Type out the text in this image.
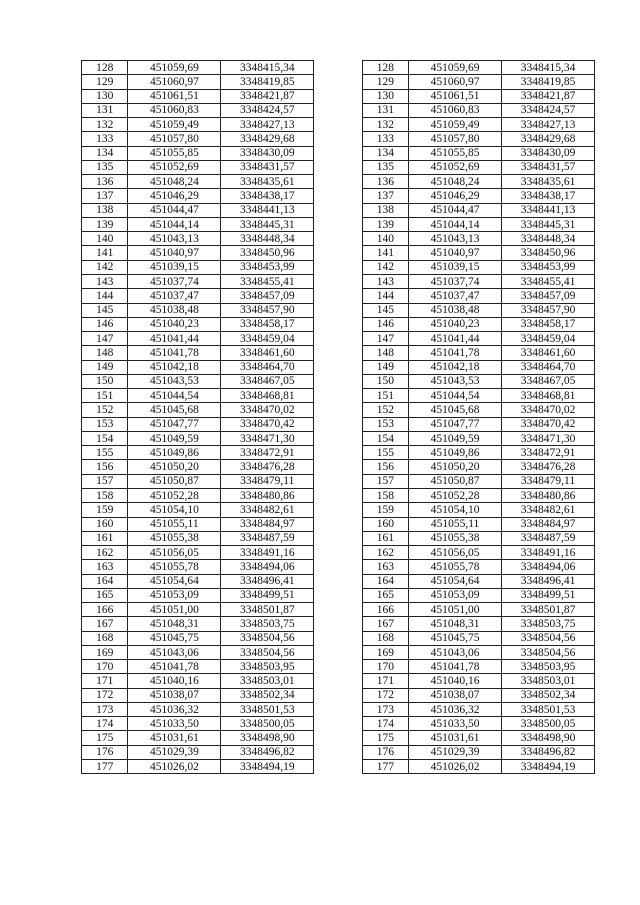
128	451059,69	3348415,34		128	451059,69	3348415,34
129	451060,97	3348419,85		129	451060,97	3348419,85
130	451061,51	3348421,87		130	451061,51	3348421,87
131	451060,83	3348424,57		131	451060,83	3348424,57
132	451059,49	3348427,13		132	451059,49	3348427,13
133	451057,80	3348429,68		133	451057,80	3348429,68
134	451055,85	3348430,09		134	451055,85	3348430,09
135	451052,69	3348431,57		135	451052,69	3348431,57
136	451048,24	3348435,61		136	451048,24	3348435,61
137	451046,29	3348438,17		137	451046,29	3348438,17
138	451044,47	3348441,13		138	451044,47	3348441,13
139	451044,14	3348445,31		139	451044,14	3348445,31
140	451043,13	3348448,34		140	451043,13	3348448,34
141	451040,97	3348450,96		141	451040,97	3348450,96
142	451039,15	3348453,99		142	451039,15	3348453,99
143	451037,74	3348455,41		143	451037,74	3348455,41
144	451037,47	3348457,09		144	451037,47	3348457,09
145	451038,48	3348457,90		145	451038,48	3348457,90
146	451040,23	3348458,17		146	451040,23	3348458,17
147	451041,44	3348459,04		147	451041,44	3348459,04
148	451041,78	3348461,60		148	451041,78	3348461,60
149	451042,18	3348464,70		149	451042,18	3348464,70
150	451043,53	3348467,05		150	451043,53	3348467,05
151	451044,54	3348468,81		151	451044,54	3348468,81
152	451045,68	3348470,02		152	451045,68	3348470,02
153	451047,77	3348470,42		153	451047,77	3348470,42
154	451049,59	3348471,30		154	451049,59	3348471,30
155	451049,86	3348472,91		155	451049,86	3348472,91
156	451050,20	3348476,28		156	451050,20	3348476,28
157	451050,87	3348479,11		157	451050,87	3348479,11
158	451052,28	3348480,86		158	451052,28	3348480,86
159	451054,10	3348482,61		159	451054,10	3348482,61
160	451055,11	3348484,97		160	451055,11	3348484,97
161	451055,38	3348487,59		161	451055,38	3348487,59
162	451056,05	3348491,16		162	451056,05	3348491,16
163	451055,78	3348494,06		163	451055,78	3348494,06
164	451054,64	3348496,41		164	451054,64	3348496,41
165	451053,09	3348499,51		165	451053,09	3348499,51
166	451051,00	3348501,87		166	451051,00	3348501,87
167	451048,31	3348503,75		167	451048,31	3348503,75
168	451045,75	3348504,56		168	451045,75	3348504,56
169	451043,06	3348504,56		169	451043,06	3348504,56
170	451041,78	3348503,95		170	451041,78	3348503,95
171	451040,16	3348503,01		171	451040,16	3348503,01
172	451038,07	3348502,34		172	451038,07	3348502,34
173	451036,32	3348501,53		173	451036,32	3348501,53
174	451033,50	3348500,05		174	451033,50	3348500,05
175	451031,61	3348498,90		175	451031,61	3348498,90
176	451029,39	3348496,82		176	451029,39	3348496,82
177	451026,02	3348494,19		177	451026,02	3348494,19
